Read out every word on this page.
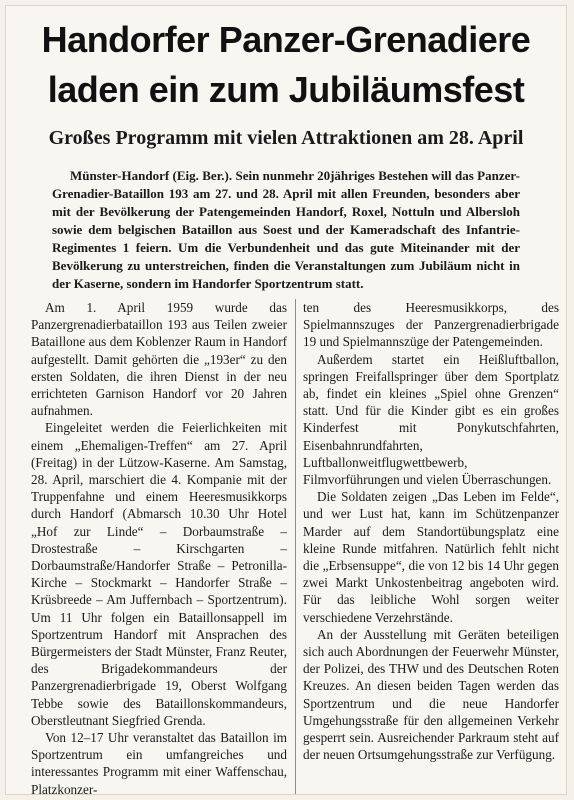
Handorfer Panzer-Grenadiere
laden ein zum Jubiläumsfest
Großes Programm mit vielen Attraktionen am 28. April
Münster-Handorf (Eig. Ber.). Sein nunmehr 20jähriges Bestehen will das Panzer-Grenadier-Bataillon 193 am 27. und 28. April mit allen Freunden, besonders aber mit der Bevölkerung der Patengemeinden Handorf, Roxel, Nottuln und Albersloh sowie dem belgischen Bataillon aus Soest und der Kameradschaft des Infantrie-Regimentes 1 feiern. Um die Verbundenheit und das gute Miteinander mit der Bevölkerung zu unterstreichen, finden die Veranstaltungen zum Jubiläum nicht in der Kaserne, sondern im Handorfer Sportzentrum statt.

Am 1. April 1959 wurde das Panzergrenadierbataillon 193 aus Teilen zweier Bataillone aus dem Koblenzer Raum in Handorf aufgestellt. Damit gehörten die „193er“ zu den ersten Soldaten, die ihren Dienst in der neu errichteten Garnison Handorf vor 20 Jahren aufnahmen.

Eingeleitet werden die Feierlichkeiten mit einem „Ehemaligen-Treffen“ am 27. April (Freitag) in der Lützow-Kaserne. Am Samstag, 28. April, marschiert die 4. Kompanie mit der Truppenfahne und einem Heeresmusikkorps durch Handorf (Abmarsch 10.30 Uhr Hotel „Hof zur Linde“ – Dorbaumstraße – Drostestraße – Kirschgarten – Dorbaumstraße/Handorfer Straße – Petronilla-Kirche – Stockmarkt – Handorfer Straße – Krüsbreede – Am Juffernbach – Sportzentrum). Um 11 Uhr folgen ein Bataillonsappell im Sportzentrum Handorf mit Ansprachen des Bürgermeisters der Stadt Münster, Franz Reuter, des Brigadekommandeurs der Panzergrenadierbrigade 19, Oberst Wolfgang Tebbe sowie des Bataillonskommandeurs, Oberstleutnant Siegfried Grenda.

Von 12–17 Uhr veranstaltet das Bataillon im Sportzentrum ein umfangreiches und interessantes Programm mit einer Waffenschau, Platzkonzer-

ten des Heeresmusikkorps, des Spielmannszuges der Panzergrenadierbrigade 19 und Spielmannszüge der Patengemeinden.

Außerdem startet ein Heißluftballon, springen Freifallspringer über dem Sportplatz ab, findet ein kleines „Spiel ohne Grenzen“ statt. Und für die Kinder gibt es ein großes Kinderfest mit Ponykutschfahrten, Eisenbahnrundfahrten, Luftballonweitflugwettbewerb, Filmvorführungen und vielen Überraschungen.

Die Soldaten zeigen „Das Leben im Felde“, und wer Lust hat, kann im Schützenpanzer Marder auf dem Standortübungsplatz eine kleine Runde mitfahren. Natürlich fehlt nicht die „Erbsensuppe“, die von 12 bis 14 Uhr gegen zwei Markt Unkostenbeitrag angeboten wird. Für das leibliche Wohl sorgen weiter verschiedene Verzehrstände.

An der Ausstellung mit Geräten beteiligen sich auch Abordnungen der Feuerwehr Münster, der Polizei, des THW und des Deutschen Roten Kreuzes. An diesen beiden Tagen werden das Sportzentrum und die neue Handorfer Umgehungsstraße für den allgemeinen Verkehr gesperrt sein. Ausreichender Parkraum steht auf der neuen Ortsumgehungsstraße zur Verfügung.
